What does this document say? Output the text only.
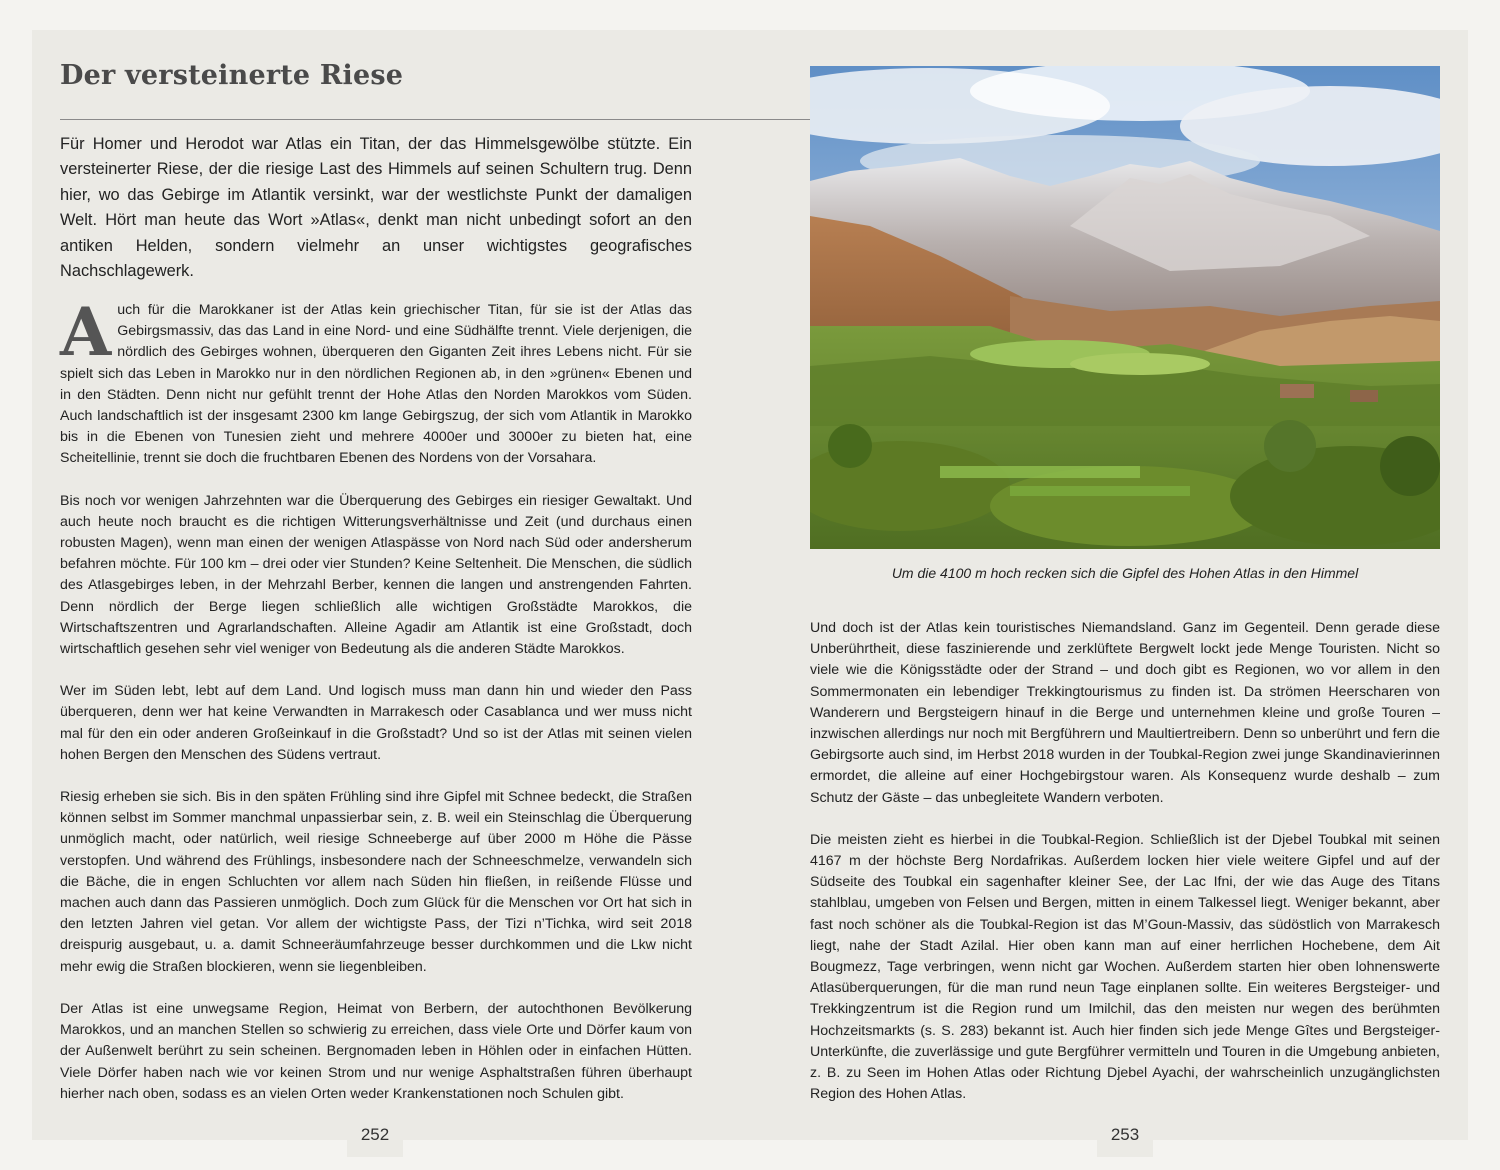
Der versteinerte Riese

Für Homer und Herodot war Atlas ein Titan, der das Himmelsgewölbe stützte. Ein versteinerter Riese, der die riesige Last des Himmels auf seinen Schultern trug. Denn hier, wo das Gebirge im Atlantik versinkt, war der westlichste Punkt der damaligen Welt. Hört man heute das Wort »Atlas«, denkt man nicht unbedingt sofort an den antiken Helden, sondern vielmehr an unser wichtigstes geografisches Nachschlagewerk.

Auch für die Marokkaner ist der Atlas kein griechischer Titan, für sie ist der Atlas das Gebirgsmassiv, das das Land in eine Nord- und eine Südhälfte trennt. Viele derjenigen, die nördlich des Gebirges wohnen, überqueren den Giganten Zeit ihres Lebens nicht. Für sie spielt sich das Leben in Marokko nur in den nördlichen Regionen ab, in den »grünen« Ebenen und in den Städten. Denn nicht nur gefühlt trennt der Hohe Atlas den Norden Marokkos vom Süden. Auch landschaftlich ist der insgesamt 2300 km lange Gebirgszug, der sich vom Atlantik in Marokko bis in die Ebenen von Tunesien zieht und mehrere 4000er und 3000er zu bieten hat, eine Scheitellinie, trennt sie doch die fruchtbaren Ebenen des Nordens von der Vorsahara.

Bis noch vor wenigen Jahrzehnten war die Überquerung des Gebirges ein riesiger Gewaltakt. Und auch heute noch braucht es die richtigen Witterungsverhältnisse und Zeit (und durchaus einen robusten Magen), wenn man einen der wenigen Atlaspässe von Nord nach Süd oder andersherum befahren möchte. Für 100 km – drei oder vier Stunden? Keine Seltenheit. Die Menschen, die südlich des Atlasgebirges leben, in der Mehrzahl Berber, kennen die langen und anstrengenden Fahrten. Denn nördlich der Berge liegen schließlich alle wichtigen Großstädte Marokkos, die Wirtschaftszentren und Agrarlandschaften. Alleine Agadir am Atlantik ist eine Großstadt, doch wirtschaftlich gesehen sehr viel weniger von Bedeutung als die anderen Städte Marokkos.

Wer im Süden lebt, lebt auf dem Land. Und logisch muss man dann hin und wieder den Pass überqueren, denn wer hat keine Verwandten in Marrakesch oder Casablanca und wer muss nicht mal für den ein oder anderen Großeinkauf in die Großstadt? Und so ist der Atlas mit seinen vielen hohen Bergen den Menschen des Südens vertraut.

Riesig erheben sie sich. Bis in den späten Frühling sind ihre Gipfel mit Schnee bedeckt, die Straßen können selbst im Sommer manchmal unpassierbar sein, z. B. weil ein Steinschlag die Überquerung unmöglich macht, oder natürlich, weil riesige Schneeberge auf über 2000 m Höhe die Pässe verstopfen. Und während des Frühlings, insbesondere nach der Schneeschmelze, verwandeln sich die Bäche, die in engen Schluchten vor allem nach Süden hin fließen, in reißende Flüsse und machen auch dann das Passieren unmöglich. Doch zum Glück für die Menschen vor Ort hat sich in den letzten Jahren viel getan. Vor allem der wichtigste Pass, der Tizi n’Tichka, wird seit 2018 dreispurig ausgebaut, u. a. damit Schneeräumfahrzeuge besser durchkommen und die Lkw nicht mehr ewig die Straßen blockieren, wenn sie liegenbleiben.

Der Atlas ist eine unwegsame Region, Heimat von Berbern, der autochthonen Bevölkerung Marokkos, und an manchen Stellen so schwierig zu erreichen, dass viele Orte und Dörfer kaum von der Außenwelt berührt zu sein scheinen. Bergnomaden leben in Höhlen oder in einfachen Hütten. Viele Dörfer haben nach wie vor keinen Strom und nur wenige Asphaltstraßen führen überhaupt hierher nach oben, sodass es an vielen Orten weder Krankenstationen noch Schulen gibt.

Um die 4100 m hoch recken sich die Gipfel des Hohen Atlas in den Himmel

Und doch ist der Atlas kein touristisches Niemandsland. Ganz im Gegenteil. Denn gerade diese Unberührtheit, diese faszinierende und zerklüftete Bergwelt lockt jede Menge Touristen. Nicht so viele wie die Königsstädte oder der Strand – und doch gibt es Regionen, wo vor allem in den Sommermonaten ein lebendiger Trekkingtourismus zu finden ist. Da strömen Heerscharen von Wanderern und Bergsteigern hinauf in die Berge und unternehmen kleine und große Touren – inzwischen allerdings nur noch mit Bergführern und Maultiertreibern. Denn so unberührt und fern die Gebirgsorte auch sind, im Herbst 2018 wurden in der Toubkal-Region zwei junge Skandinavierinnen ermordet, die alleine auf einer Hochgebirgstour waren. Als Konsequenz wurde deshalb – zum Schutz der Gäste – das unbegleitete Wandern verboten.

Die meisten zieht es hierbei in die Toubkal-Region. Schließlich ist der Djebel Toubkal mit seinen 4167 m der höchste Berg Nordafrikas. Außerdem locken hier viele weitere Gipfel und auf der Südseite des Toubkal ein sagenhafter kleiner See, der Lac Ifni, der wie das Auge des Titans stahlblau, umgeben von Felsen und Bergen, mitten in einem Talkessel liegt. Weniger bekannt, aber fast noch schöner als die Toubkal-Region ist das M’Goun-Massiv, das südöstlich von Marrakesch liegt, nahe der Stadt Azilal. Hier oben kann man auf einer herrlichen Hochebene, dem Ait Bougmezz, Tage verbringen, wenn nicht gar Wochen. Außerdem starten hier oben lohnenswerte Atlasüberquerungen, für die man rund neun Tage einplanen sollte. Ein weiteres Bergsteiger- und Trekkingzentrum ist die Region rund um Imilchil, das den meisten nur wegen des berühmten Hochzeitsmarkts (s. S. 283) bekannt ist. Auch hier finden sich jede Menge Gîtes und Bergsteiger-Unterkünfte, die zuverlässige und gute Bergführer vermitteln und Touren in die Umgebung anbieten, z. B. zu Seen im Hohen Atlas oder Richtung Djebel Ayachi, der wahrscheinlich unzugänglichsten Region des Hohen Atlas.

252	253
